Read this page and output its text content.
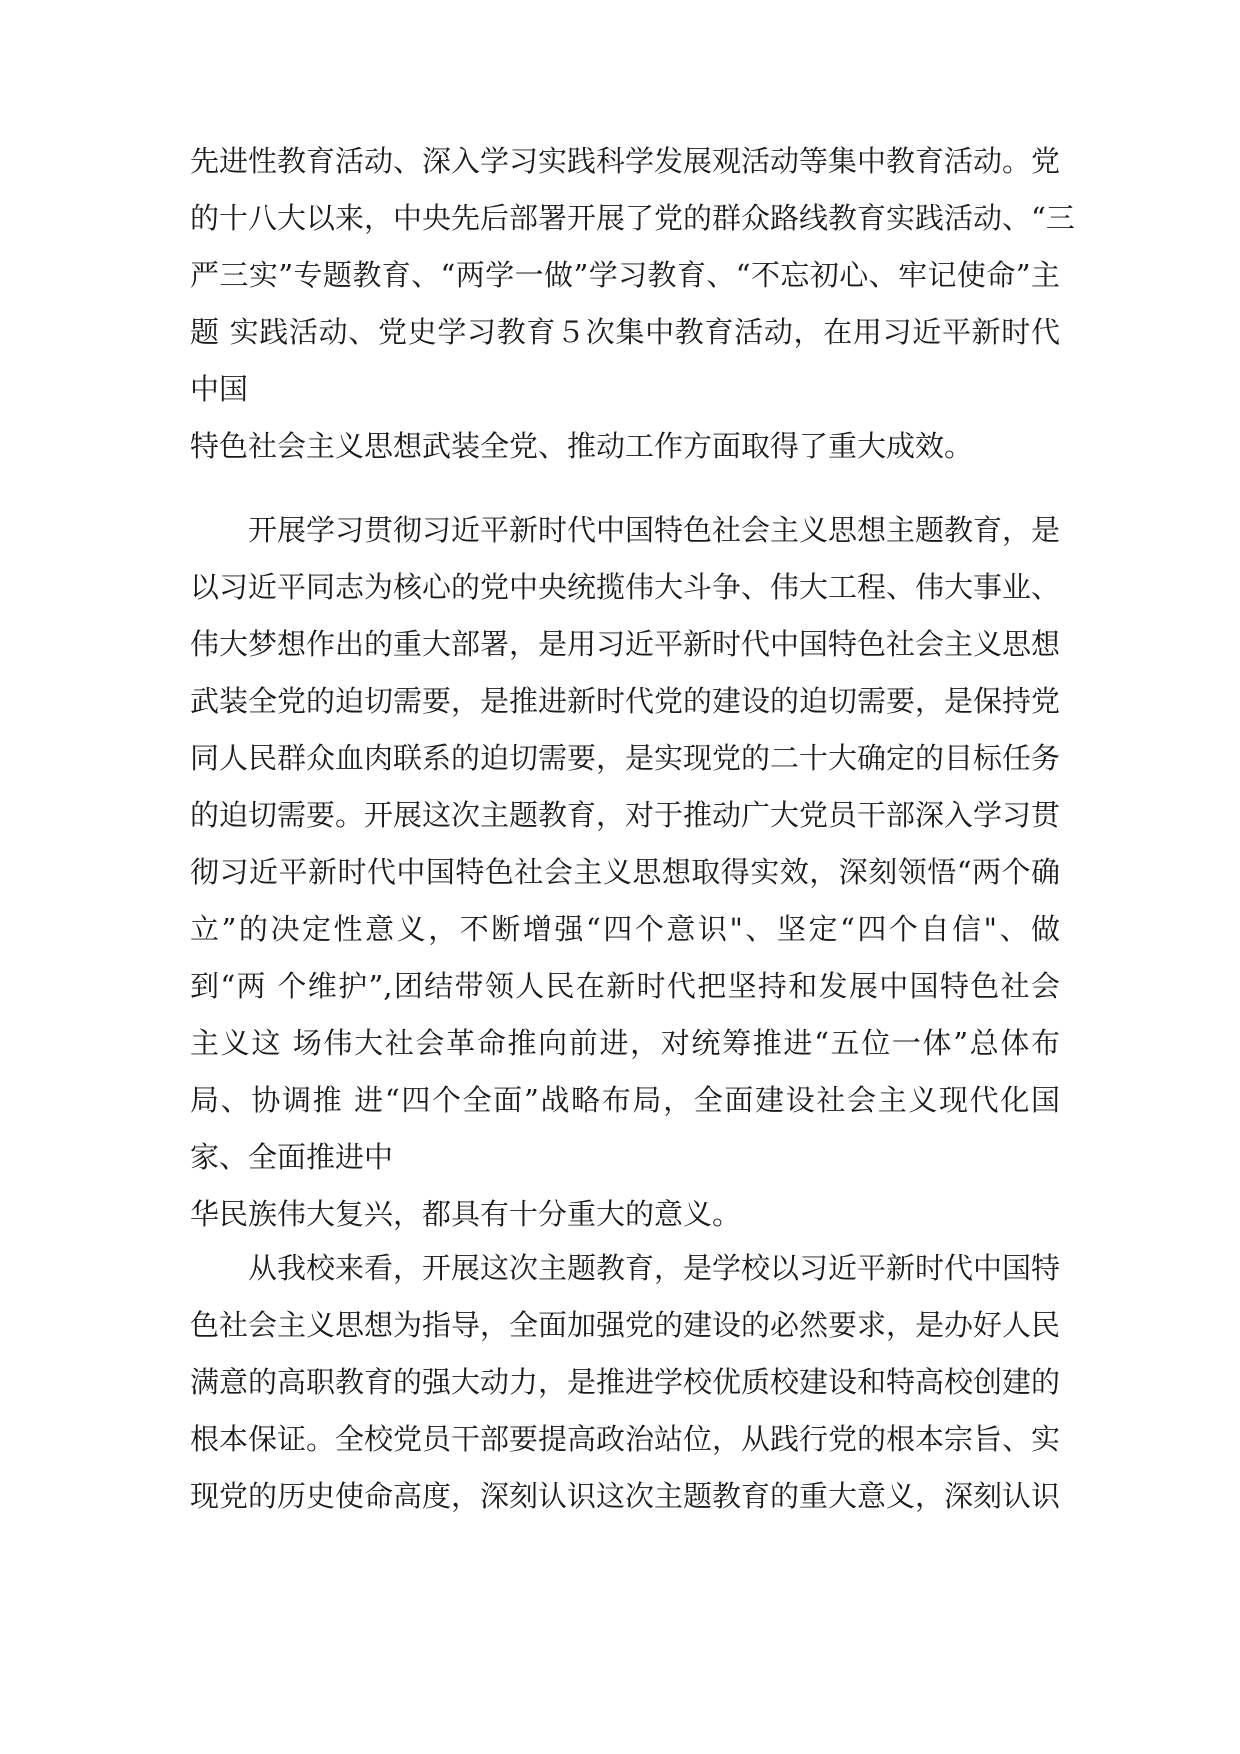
先进性教育活动、深入学习实践科学发展观活动等集中教育活动。党
的十八大以来，中央先后部署开展了党的群众路线教育实践活动、“三
严三实”专题教育、“两学一做”学习教育、“不忘初心、牢记使命”主
题 实践活动、党史学习教育５次集中教育活动，在用习近平新时代
中国
特色社会主义思想武装全党、推动工作方面取得了重大成效。
开展学习贯彻习近平新时代中国特色社会主义思想主题教育，是
以习近平同志为核心的党中央统揽伟大斗争、伟大工程、伟大事业、
伟大梦想作出的重大部署，是用习近平新时代中国特色社会主义思想
武装全党的迫切需要，是推进新时代党的建设的迫切需要，是保持党
同人民群众血肉联系的迫切需要，是实现党的二十大确定的目标任务
的迫切需要。开展这次主题教育，对于推动广大党员干部深入学习贯
彻习近平新时代中国特色社会主义思想取得实效，深刻领悟“两个确
立”的决定性意义，不断增强“四个意识"、坚定“四个自信"、做
到“两 个维护”,团结带领人民在新时代把坚持和发展中国特色社会
主义这 场伟大社会革命推向前进，对统筹推进“五位一体”总体布
局、协调推 进“四个全面”战略布局，全面建设社会主义现代化国
家、全面推进中
华民族伟大复兴，都具有十分重大的意义。
从我校来看，开展这次主题教育，是学校以习近平新时代中国特
色社会主义思想为指导，全面加强党的建设的必然要求，是办好人民
满意的高职教育的强大动力，是推进学校优质校建设和特高校创建的
根本保证。全校党员干部要提高政治站位，从践行党的根本宗旨、实
现党的历史使命高度，深刻认识这次主题教育的重大意义，深刻认识
